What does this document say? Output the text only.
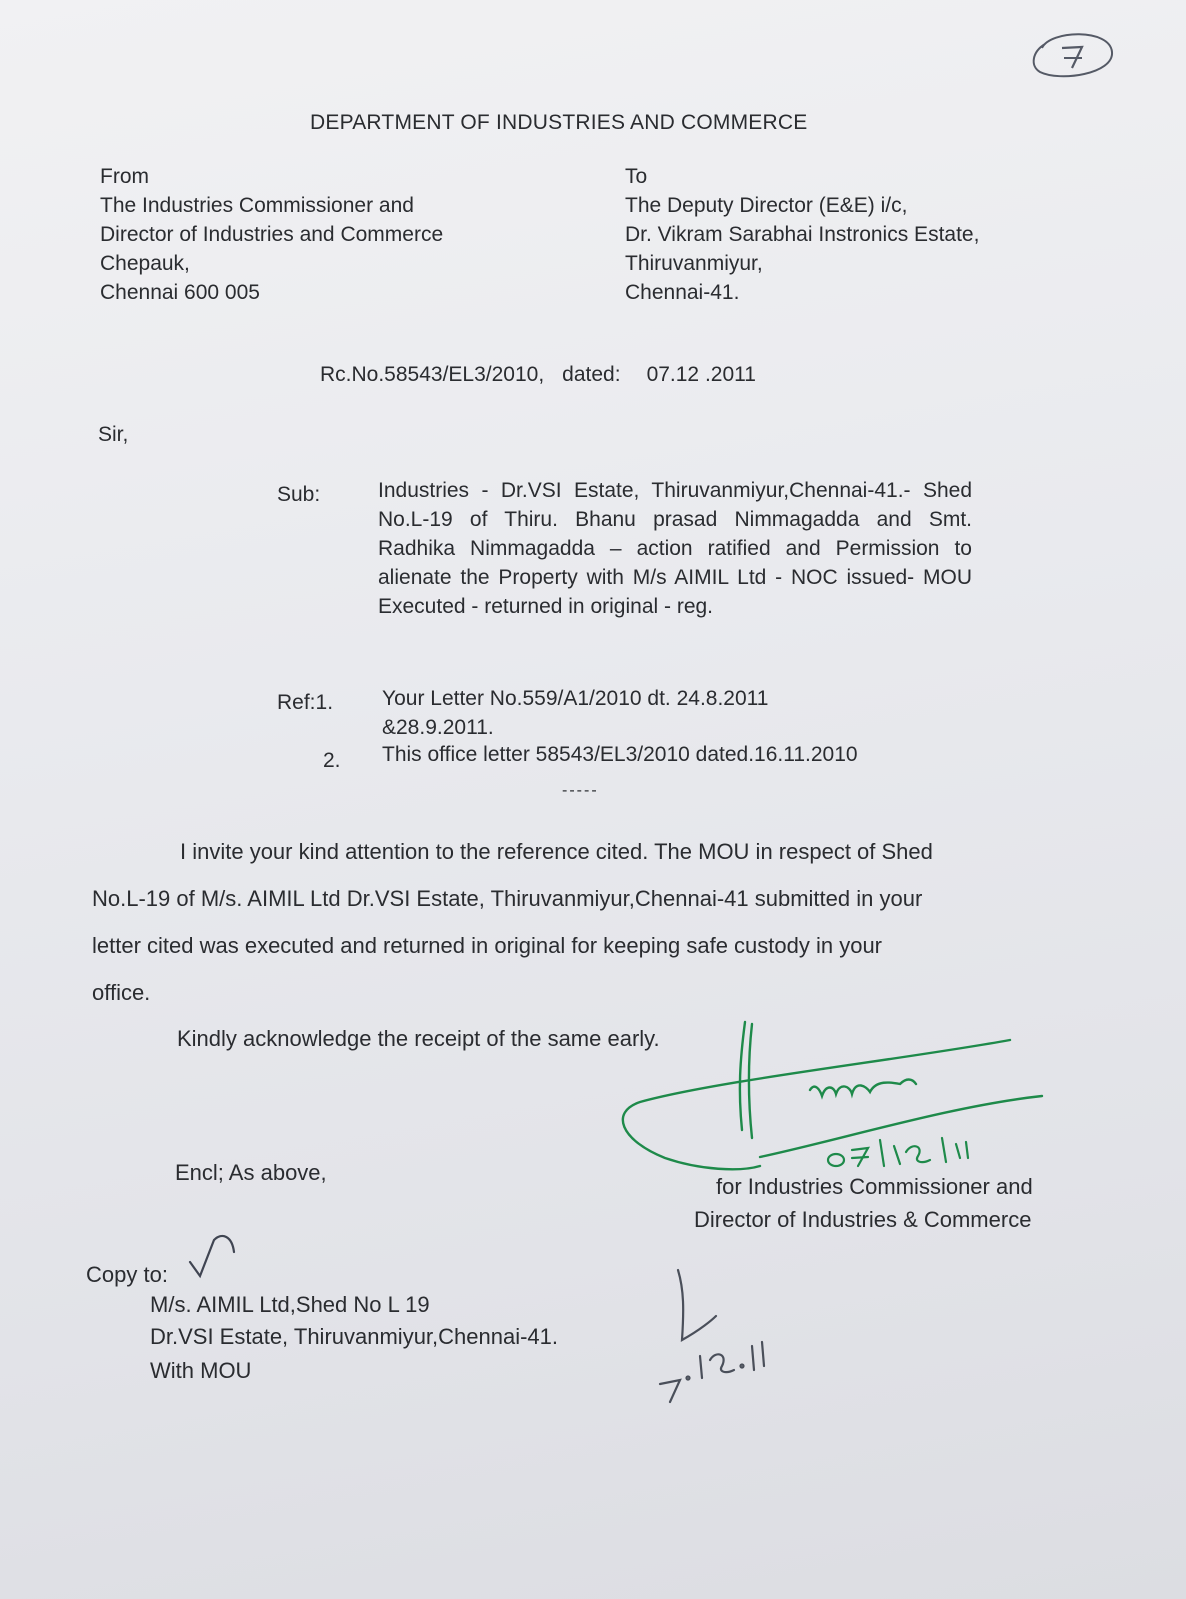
DEPARTMENT OF INDUSTRIES AND COMMERCE
From
The Industries Commissioner and
Director of Industries and Commerce
Chepauk,
Chennai 600 005
To
The Deputy Director (E&E) i/c,
Dr. Vikram Sarabhai Instronics Estate,
Thiruvanmiyur,
Chennai-41.
Rc.No.58543/EL3/2010, dated: 07.12 .2011
Sir,
Sub:	Industries - Dr.VSI Estate, Thiruvanmiyur,Chennai-41.- Shed No.L-19 of Thiru. Bhanu prasad Nimmagadda and Smt. Radhika Nimmagadda – action ratified and Permission to alienate the Property with M/s AIMIL Ltd - NOC issued- MOU Executed - returned in original - reg.
Ref:1. Your Letter No.559/A1/2010 dt. 24.8.2011
&28.9.2011.
2. This office letter 58543/EL3/2010 dated.16.11.2010
-----
I invite your kind attention to the reference cited. The MOU in respect of Shed
No.L-19 of M/s. AIMIL Ltd Dr.VSI Estate, Thiruvanmiyur,Chennai-41 submitted in your
letter cited was executed and returned in original for keeping safe custody in your
office.
Kindly acknowledge the receipt of the same early.
Encl; As above,
for Industries Commissioner and
Director of Industries & Commerce
Copy to:
M/s. AIMIL Ltd,Shed No L 19
Dr.VSI Estate, Thiruvanmiyur,Chennai-41.
With MOU
